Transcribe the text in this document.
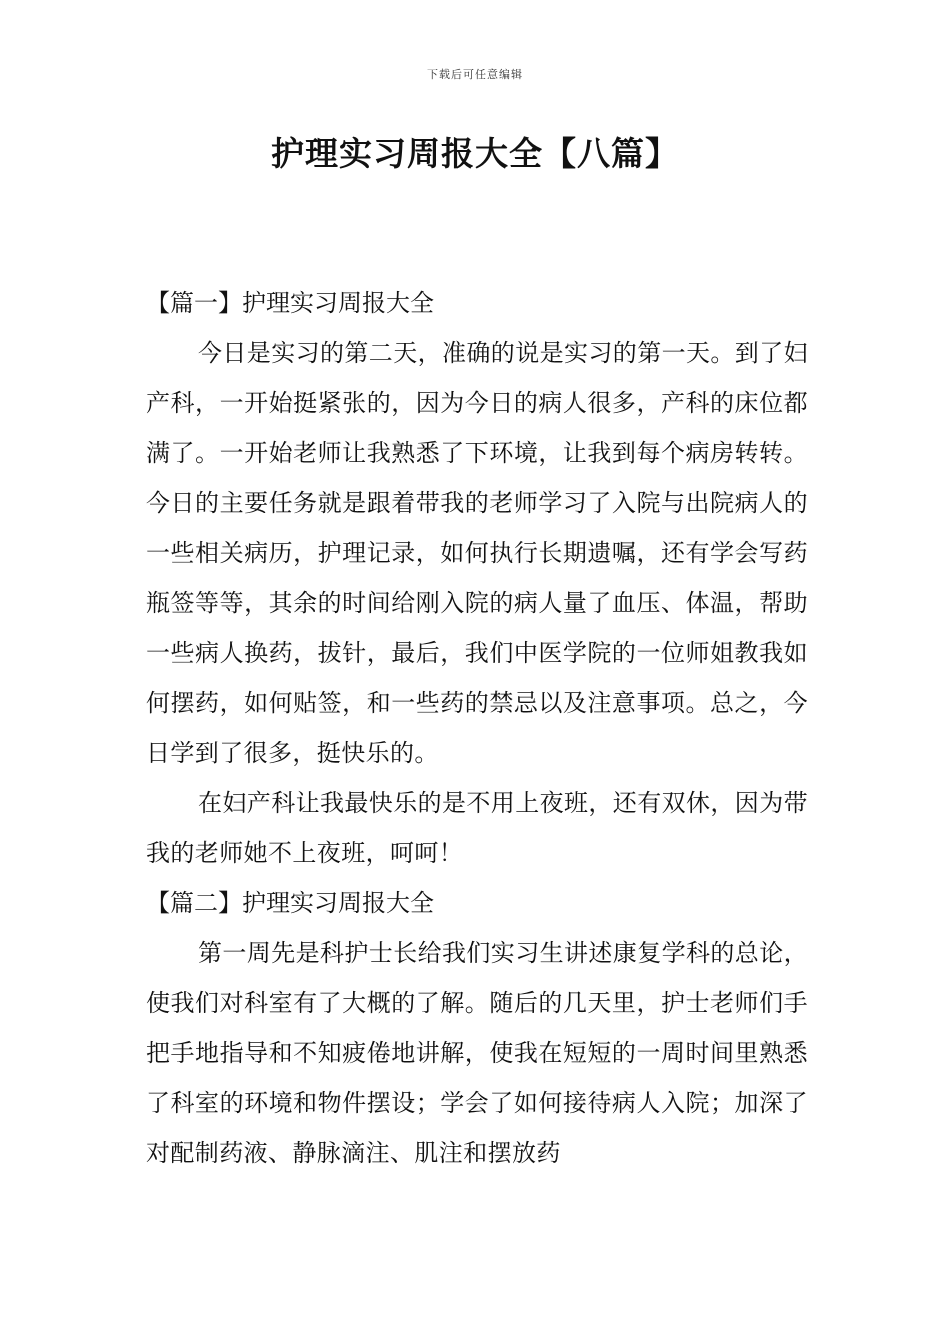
下载后可任意编辑
护理实习周报大全【八篇】
【篇一】护理实习周报大全

今日是实习的第二天，准确的说是实习的第一天。到了妇产科，一开始挺紧张的，因为今日的病人很多，产科的床位都满了。一开始老师让我熟悉了下环境，让我到每个病房转转。今日的主要任务就是跟着带我的老师学习了入院与出院病人的一些相关病历，护理记录，如何执行长期遗嘱，还有学会写药瓶签等等，其余的时间给刚入院的病人量了血压、体温，帮助一些病人换药，拔针，最后，我们中医学院的一位师姐教我如何摆药，如何贴签，和一些药的禁忌以及注意事项。总之，今日学到了很多，挺快乐的。

在妇产科让我最快乐的是不用上夜班，还有双休，因为带我的老师她不上夜班，呵呵！

【篇二】护理实习周报大全

第一周先是科护士长给我们实习生讲述康复学科的总论，使我们对科室有了大概的了解。随后的几天里，护士老师们手把手地指导和不知疲倦地讲解，使我在短短的一周时间里熟悉了科室的环境和物件摆设；学会了如何接待病人入院；加深了对配制药液、静脉滴注、肌注和摆放药
